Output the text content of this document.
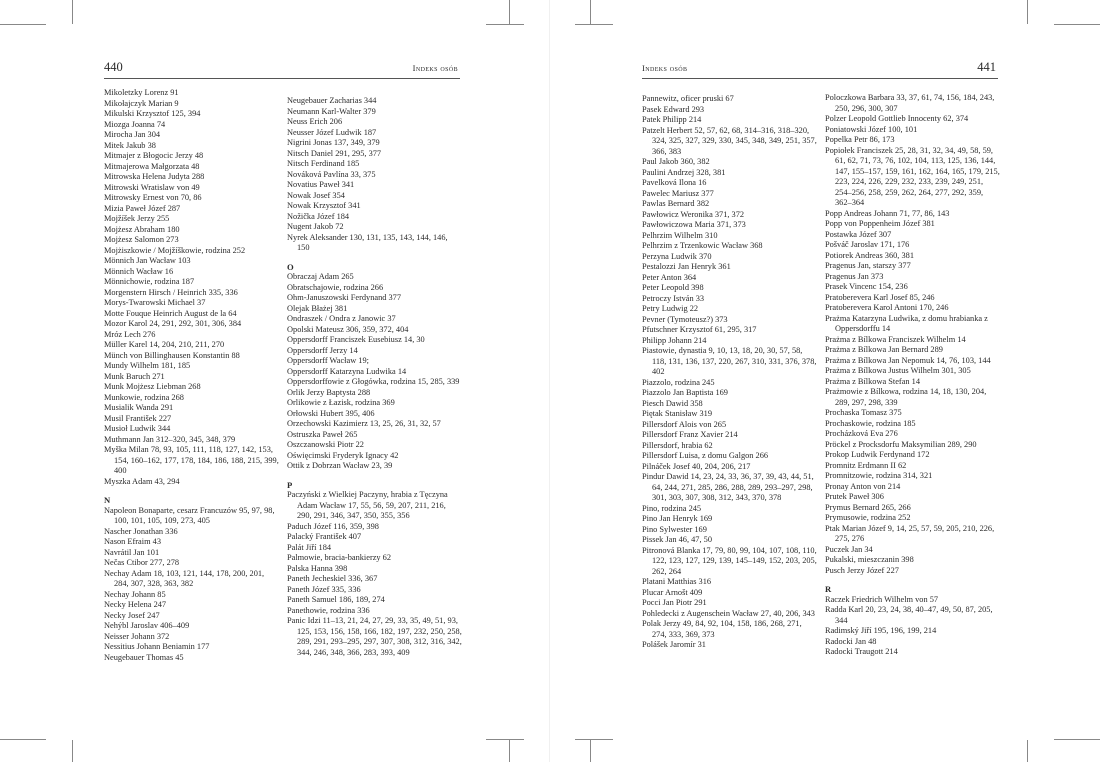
440	Indeks osób
Mikoletzky Lorenz 91
Mikołajczyk Marian 9
Mikulski Krzysztof 125, 394
Miozga Joanna 74
Mirocha Jan 304
Mitek Jakub 38
Mitmajer z Błogocic Jerzy 48
Mitmajerowa Małgorzata 48
Mitrowska Helena Judyta 288
Mitrowski Wratislaw von 49
Mitrowsky Ernest von 70, 86
Mizia Paweł Józef 287
Mojžíšek Jerzy 255
Mojżesz Abraham 180
Mojżesz Salomon 273
Mojżiszkowie / Mojžíškowie, rodzina 252
Mönnich Jan Wacław 103
Mönnich Wacław 16
Mönnichowie, rodzina 187
Morgenstern Hirsch / Heinrich 335, 336
Morys-Twarowski Michael 37
Motte Fouque Heinrich August de la 64
Mozor Karol 24, 291, 292, 301, 306, 384
Mróz Lech 276
Müller Karel 14, 204, 210, 211, 270
Münch von Billinghausen Konstantin 88
Mundy Wilhelm 181, 185
Munk Baruch 271
Munk Mojżesz Liebman 268
Munkowie, rodzina 268
Musialik Wanda 291
Musil František 227
Musioł Ludwik 344
Muthmann Jan 312–320, 345, 348, 379
Myška Milan 78, 93, 105, 111, 118, 127, 142, 153, 154, 160–162, 177, 178, 184, 186, 188, 215, 399, 400
Myszka Adam 43, 294
N
Napoleon Bonaparte, cesarz Francuzów 95, 97, 98, 100, 101, 105, 109, 273, 405
Nascher Jonathan 336
Nason Efraim 43
Navrátil Jan 101
Nečas Ctibor 277, 278
Nechay Adam 18, 103, 121, 144, 178, 200, 201, 284, 307, 328, 363, 382
Nechay Johann 85
Necky Helena 247
Necky Josef 247
Nehýbl Jaroslav 406–409
Neisser Johann 372
Nessitius Johann Beniamin 177
Neugebauer Thomas 45
Neugebauer Zacharias 344
Neumann Karl-Walter 379
Neuss Erich 206
Neusser Józef Ludwik 187
Nigrini Jonas 137, 349, 379
Nitsch Daniel 291, 295, 377
Nitsch Ferdinand 185
Nováková Pavlína 33, 375
Novatius Paweł 341
Nowak Josef 354
Nowak Krzysztof 341
Nožička Józef 184
Nugent Jakob 72
Nyrek Aleksander 130, 131, 135, 143, 144, 146, 150
O
Obraczaj Adam 265
Obratschajowie, rodzina 266
Ohm-Januszowski Ferdynand 377
Olejak Błażej 381
Ondraszek / Ondra z Janowic 37
Opolski Mateusz 306, 359, 372, 404
Oppersdorff Franciszek Eusebiusz 14, 30
Oppersdorff Jerzy 14
Oppersdorff Wacław 19;
Oppersdorff Katarzyna Ludwika 14
Oppersdorffowie z Głogówka, rodzina 15, 285, 339
Orlik Jerzy Baptysta 288
Orlikowie z Łazisk, rodzina 369
Orłowski Hubert 395, 406
Orzechowski Kazimierz 13, 25, 26, 31, 32, 57
Ostruszka Paweł 265
Oszczanowski Piotr 22
Oświęcimski Fryderyk Ignacy 42
Ottik z Dobrzan Wacław 23, 39
P
Paczyński z Wielkiej Paczyny, hrabia z Tęczyna Adam Wacław 17, 55, 56, 59, 207, 211, 216, 290, 291, 346, 347, 350, 355, 356
Paduch Józef 116, 359, 398
Palacký František 407
Palát Jiří 184
Palmowie, bracia-bankierzy 62
Palska Hanna 398
Paneth Jecheskiel 336, 367
Paneth Józef 335, 336
Paneth Samuel 186, 189, 274
Panethowie, rodzina 336
Panic Idzi 11–13, 21, 24, 27, 29, 33, 35, 49, 51, 93, 125, 153, 156, 158, 166, 182, 197, 232, 250, 258, 289, 291, 293–295, 297, 307, 308, 312, 316, 342, 344, 246, 348, 366, 283, 393, 409
Indeks osób	441
Pannewitz, oficer pruski 67
Pasek Edward 293
Patek Philipp 214
Patzelt Herbert 52, 57, 62, 68, 314–316, 318–320, 324, 325, 327, 329, 330, 345, 348, 349, 251, 357, 366, 383
Paul Jakob 360, 382
Paulini Andrzej 328, 381
Pavelková Ilona 16
Pawelec Mariusz 377
Pawlas Bernard 382
Pawłowicz Weronika 371, 372
Pawłowiczowa Maria 371, 373
Pelhrzim Wilhelm 310
Pelhrzim z Trzenkowic Wacław 368
Perzyna Ludwik 370
Pestalozzi Jan Henryk 361
Peter Anton 364
Peter Leopold 398
Petroczy István 33
Petry Ludwig 22
Pevner (Tymoteusz?) 373
Pfutschner Krzysztof 61, 295, 317
Philipp Johann 214
Piastowie, dynastia 9, 10, 13, 18, 20, 30, 57, 58, 118, 131, 136, 137, 220, 267, 310, 331, 376, 378, 402
Piazzolo, rodzina 245
Piazzolo Jan Baptista 169
Piesch Dawid 358
Piętak Stanisław 319
Pillersdorf Alois von 265
Pillersdorf Franz Xavier 214
Pillersdorf, hrabia 62
Pillersdorf Luisa, z domu Galgon 266
Pilnáček Josef 40, 204, 206, 217
Pindur Dawid 14, 23, 24, 33, 36, 37, 39, 43, 44, 51, 64, 244, 271, 285, 286, 288, 289, 293–297, 298, 301, 303, 307, 308, 312, 343, 370, 378
Pino, rodzina 245
Pino Jan Henryk 169
Pino Sylwester 169
Pissek Jan 46, 47, 50
Pitronová Blanka 17, 79, 80, 99, 104, 107, 108, 110, 122, 123, 127, 129, 139, 145–149, 152, 203, 205, 262, 264
Platani Matthias 316
Plucar Arnošt 409
Pocci Jan Piotr 291
Pohledecki z Augenschein Wacław 27, 40, 206, 343
Polak Jerzy 49, 84, 92, 104, 158, 186, 268, 271, 274, 333, 369, 373
Polášek Jaromír 31
Poloczkowa Barbara 33, 37, 61, 74, 156, 184, 243, 250, 296, 300, 307
Polzer Leopold Gottlieb Innocenty 62, 374
Poniatowski Józef 100, 101
Popelka Petr 86, 173
Popiołek Franciszek 25, 28, 31, 32, 34, 49, 58, 59, 61, 62, 71, 73, 76, 102, 104, 113, 125, 136, 144, 147, 155–157, 159, 161, 162, 164, 165, 179, 215, 223, 224, 226, 229, 232, 233, 239, 249, 251, 254–256, 258, 259, 262, 264, 277, 292, 359, 362–364
Popp Andreas Johann 71, 77, 86, 143
Popp von Poppenheim Józef 381
Postawka Józef 307
Pošváč Jaroslav 171, 176
Potiorek Andreas 360, 381
Pragenus Jan, starszy 377
Pragenus Jan 373
Prasek Vincenc 154, 236
Pratoberevera Karl Josef 85, 246
Pratoberevera Karol Antoni 170, 246
Prażma Katarzyna Ludwika, z domu hrabianka z Oppersdorffu 14
Prażma z Bílkowa Franciszek Wilhelm 14
Prażma z Bílkowa Jan Bernard 289
Prażma z Bílkowa Jan Nepomuk 14, 76, 103, 144
Prażma z Bílkowa Justus Wilhelm 301, 305
Prażma z Bílkowa Stefan 14
Prażmowie z Bílkowa, rodzina 14, 18, 130, 204, 289, 297, 298, 339
Prochaska Tomasz 375
Prochaskowie, rodzina 185
Procházková Eva 276
Pröckel z Procksdorfu Maksymilian 289, 290
Prokop Ludwik Ferdynand 172
Promnitz Erdmann II 62
Promnitzowie, rodzina 314, 321
Pronay Anton von 214
Prutek Paweł 306
Prymus Bernard 265, 266
Prymusowie, rodzina 252
Ptak Marian Józef 9, 14, 25, 57, 59, 205, 210, 226, 275, 276
Puczek Jan 34
Pukalski, mieszczanin 398
Pusch Jerzy Józef 227
R
Raczek Friedrich Wilhelm von 57
Radda Karl 20, 23, 24, 38, 40–47, 49, 50, 87, 205, 344
Radimský Jiří 195, 196, 199, 214
Radocki Jan 48
Radocki Traugott 214
